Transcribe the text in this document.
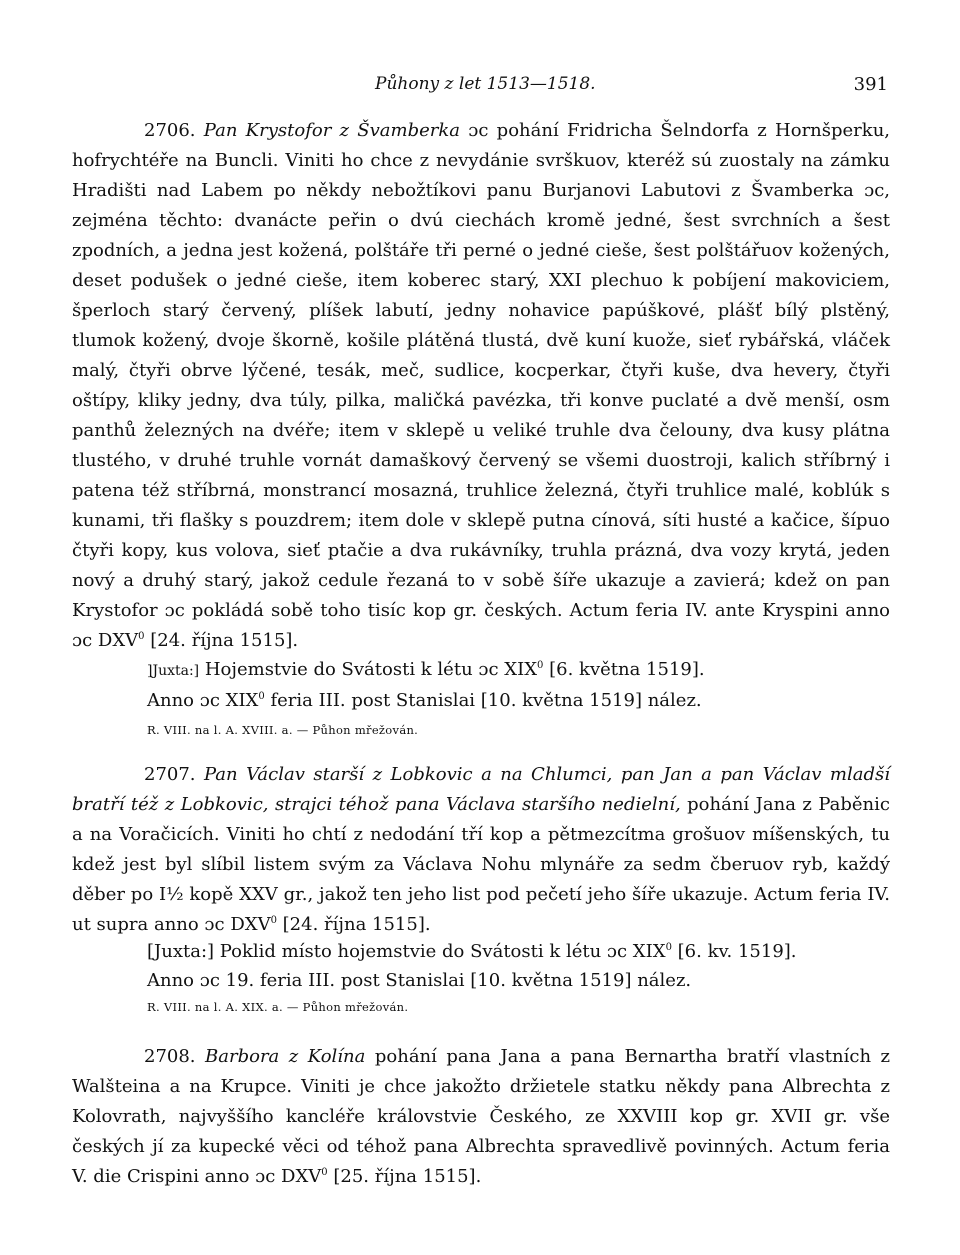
Půhony z let 1513—1518.	391

2706. Pan Krystofor z Švamberka ɔc pohání Fridricha Šelndorfa z Hornšperku, hofrychtéře na Buncli. Viniti ho chce z nevydánie svrškuov, kteréž sú zuostaly na zámku Hradišti nad Labem po někdy nebožtíkovi panu Burjanovi Labutovi z Švamberka ɔc, zejména těchto: dvanácte peřin o dvú ciechách kromě jedné, šest svrchních a šest zpodních, a jedna jest kožená, polštáře tři perné o jedné cieše, šest polštářuov kožených, deset podušek o jedné cieše, item koberec starý, XXI plechuo k pobíjení makoviciem, šperloch starý červený, plíšek labutí, jedny nohavice papúškové, plášť bílý plstěný, tlumok kožený, dvoje škorně, košile plátěná tlustá, dvě kuní kuože, sieť rybářská, vláček malý, čtyři obrve lýčené, tesák, meč, sudlice, kocperkar, čtyři kuše, dva hevery, čtyři oštípy, kliky jedny, dva túly, pilka, maličká pavézka, tři konve puclaté a dvě menší, osm panthů železných na dvéře; item v sklepě u veliké truhle dva čelouny, dva kusy plátna tlustého, v druhé truhle vornát damaškový červený se všemi duostroji, kalich stříbrný i patena též stříbrná, monstrancí mosazná, truhlice železná, čtyři truhlice malé, koblúk s kunami, tři flašky s pouzdrem; item dole v sklepě putna cínová, síti husté a kačice, šípuo čtyři kopy, kus volova, sieť ptačie a dva rukávníky, truhla prázná, dva vozy krytá, jeden nový a druhý starý, jakož cedule řezaná to v sobě šíře ukazuje a zavierá; kdež on pan Krystofor ɔc pokládá sobě toho tisíc kop gr. českých. Actum feria IV. ante Kryspini anno ɔc DXV$^0$ [24. října 1515].

]Juxta:] Hojemstvie do Svátosti k létu ɔc XIX$^0$ [6. května 1519].
Anno ɔc XIX$^0$ feria III. post Stanislai [10. května 1519] nález.
R. VIII. na l. A. XVIII. a. — Půhon mřežován.

2707. Pan Václav starší z Lobkovic a na Chlumci, pan Jan a pan Václav mladší bratří též z Lobkovic, strajci téhož pana Václava staršího nedielní, pohání Jana z Paběnic a na Voračicích. Viniti ho chtí z nedodání tří kop a pětmezcítma grošuov míšenských, tu kdež jest byl slíbil listem svým za Václava Nohu mlynáře za sedm čberuov ryb, každý děber po I½ kopě XXV gr., jakož ten jeho list pod pečetí jeho šíře ukazuje. Actum feria IV. ut supra anno ɔc DXV$^0$ [24. října 1515].

[Juxta:] Poklid místo hojemstvie do Svátosti k létu ɔc XIX$^0$ [6. kv. 1519].
Anno ɔc 19. feria III. post Stanislai [10. května 1519] nález.
R. VIII. na l. A. XIX. a. — Půhon mřežován.

2708. Barbora z Kolína pohání pana Jana a pana Bernartha bratří vlastních z Walšteina a na Krupce. Viniti je chce jakožto držietele statku někdy pana Albrechta z Kolovrath, najvyššího kancléře královstvie Českého, ze XXVIII kop gr. XVII gr. vše českých jí za kupecké věci od téhož pana Albrechta spravedlivě povinných. Actum feria V. die Crispini anno ɔc DXV$^0$ [25. října 1515].
